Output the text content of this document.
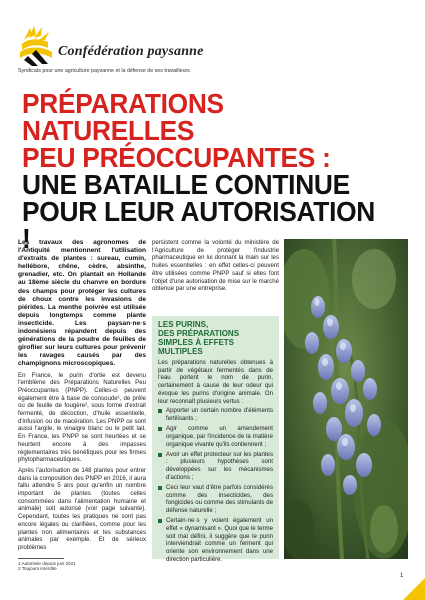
Confédération paysanne
Syndicats pour une agriculture paysanne et la défense de ses travailleurs
PRÉPARATIONS NATURELLES
PEU PRÉOCCUPANTES :
UNE BATAILLE CONTINUE
POUR LEUR AUTORISATION !

Les travaux des agronomes de l'Antiquité mentionnent l'utilisation d'extraits de plantes : sureau, cumin, hellébore, chêne, cèdre, absinthe, grenadier, etc. On plantait en Hollande au 18ème siècle du chanvre en bordure des champs pour protéger les cultures de choux contre les invasions de piérides. La menthe poivrée est utilisée depuis longtemps comme plante insecticide. Les paysan·ne·s indonésiens répandent depuis des générations de la poudre de feuilles de giroflier sur leurs cultures pour prévenir les ravages causés par des champignons microscopiques.

En France, le purin d'ortie est devenu l'emblème des Préparations Naturelles Peu Préoccupantes (PNPP). Celles-ci peuvent également être à base de consoude¹, de prêle ou de feuille de fougère², sous forme d'extrait fermenté, de décoction, d'huile essentielle, d'infusion ou de macération. Les PNPP ce sont aussi l'argile, le vinaigre blanc ou le petit lait. En France, les PNPP se sont heurtées et se heurtent encore à des impasses réglementaires très bénéfiques pour les firmes phytopharmaceutiques.

Après l'autorisation de 148 plantes pour entrer dans la composition des PNPP en 2016, il aura fallu attendre 5 ans pour qu'enfin un nombre important de plantes (toutes celles consommées dans l'alimentation humaine et animale) soit autorisé (voir page suivante). Cependant, toutes les pratiques ne sont pas encore légales ou clarifiées, comme pour les plantes non alimentaires et les substances animales par exemple. Et de sérieux problèmes

1 Autorisée depuis juin 2021
2 Toujours interdite

persistent comme la volonté du ministère de l'Agriculture de protéger l'industrie pharmaceutique en lui donnant la main sur les huiles essentielles : en effet celles-ci peuvent être utilisées comme PNPP sauf si elles font l'objet d'une autorisation de mise sur le marché obtenue par une entreprise.

LES PURINS,
DES PRÉPARATIONS
SIMPLES À EFFETS MULTIPLES

Les préparations naturelles obtenues à partir de végétaux fermentés dans de l'eau portent le nom de purin, certainement à cause de leur odeur qui évoque les purins d'origine animale. On leur reconnaît plusieurs vertus :

Apporter un certain nombre d'éléments fertilisants ;

Agir comme un amendement organique, par l'incidence de la matière organique vivante qu'ils contiennent ;

Avoir un effet protecteur sur les plantes : plusieurs hypothèses sont développées sur les mécanismes d'actions ;

Ceci leur vaut d'être parfois considérés comme des insecticides, des fongicides ou comme des stimulants de défense naturelle ;

Certain·ne·s y voient également un effet « dynamisant ». Quoi que le terme soit mal défini, il suggère que le purin interviendrait comme un ferment qui oriente son environnement dans une direction particulière.

1
